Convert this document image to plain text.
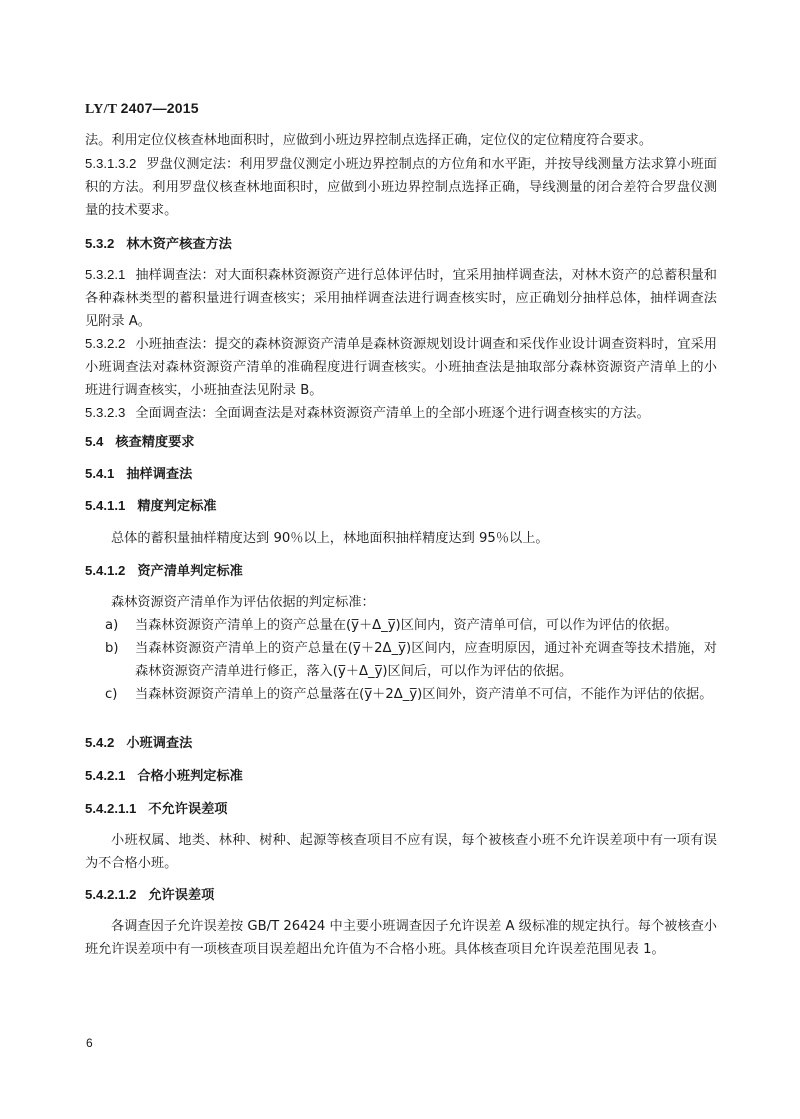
LY/T 2407—2015
法。利用定位仪核查林地面积时，应做到小班边界控制点选择正确，定位仪的定位精度符合要求。
5.3.1.3.2 罗盘仪测定法：利用罗盘仪测定小班边界控制点的方位角和水平距，并按导线测量方法求算小班面积的方法。利用罗盘仪核查林地面积时，应做到小班边界控制点选择正确，导线测量的闭合差符合罗盘仪测量的技术要求。
5.3.2 林木资产核查方法
5.3.2.1 抽样调查法：对大面积森林资源资产进行总体评估时，宜采用抽样调查法，对林木资产的总蓄积量和各种森林类型的蓄积量进行调查核实；采用抽样调查法进行调查核实时，应正确划分抽样总体，抽样调查法见附录 A。
5.3.2.2 小班抽查法：提交的森林资源资产清单是森林资源规划设计调查和采伐作业设计调查资料时，宜采用小班调查法对森林资源资产清单的准确程度进行调查核实。小班抽查法是抽取部分森林资源资产清单上的小班进行调查核实，小班抽查法见附录 B。
5.3.2.3 全面调查法：全面调查法是对森林资源资产清单上的全部小班逐个进行调查核实的方法。
5.4 核查精度要求
5.4.1 抽样调查法
5.4.1.1 精度判定标准
总体的蓄积量抽样精度达到 90％以上，林地面积抽样精度达到 95％以上。
5.4.1.2 资产清单判定标准
森林资源资产清单作为评估依据的判定标准：
a) 当森林资源资产清单上的资产总量在(y̅＋Δ_y̅)区间内，资产清单可信，可以作为评估的依据。
b) 当森林资源资产清单上的资产总量在(y̅＋2Δ_y̅)区间内，应查明原因，通过补充调查等技术措施，对森林资源资产清单进行修正，落入(y̅＋Δ_y̅)区间后，可以作为评估的依据。
c) 当森林资源资产清单上的资产总量落在(y̅＋2Δ_y̅)区间外，资产清单不可信，不能作为评估的依据。
5.4.2 小班调查法
5.4.2.1 合格小班判定标准
5.4.2.1.1 不允许误差项
小班权属、地类、林种、树种、起源等核查项目不应有误，每个被核查小班不允许误差项中有一项有误为不合格小班。
5.4.2.1.2 允许误差项
各调查因子允许误差按 GB/T 26424 中主要小班调查因子允许误差 A 级标准的规定执行。每个被核查小班允许误差项中有一项核查项目误差超出允许值为不合格小班。具体核查项目允许误差范围见表 1。
6
